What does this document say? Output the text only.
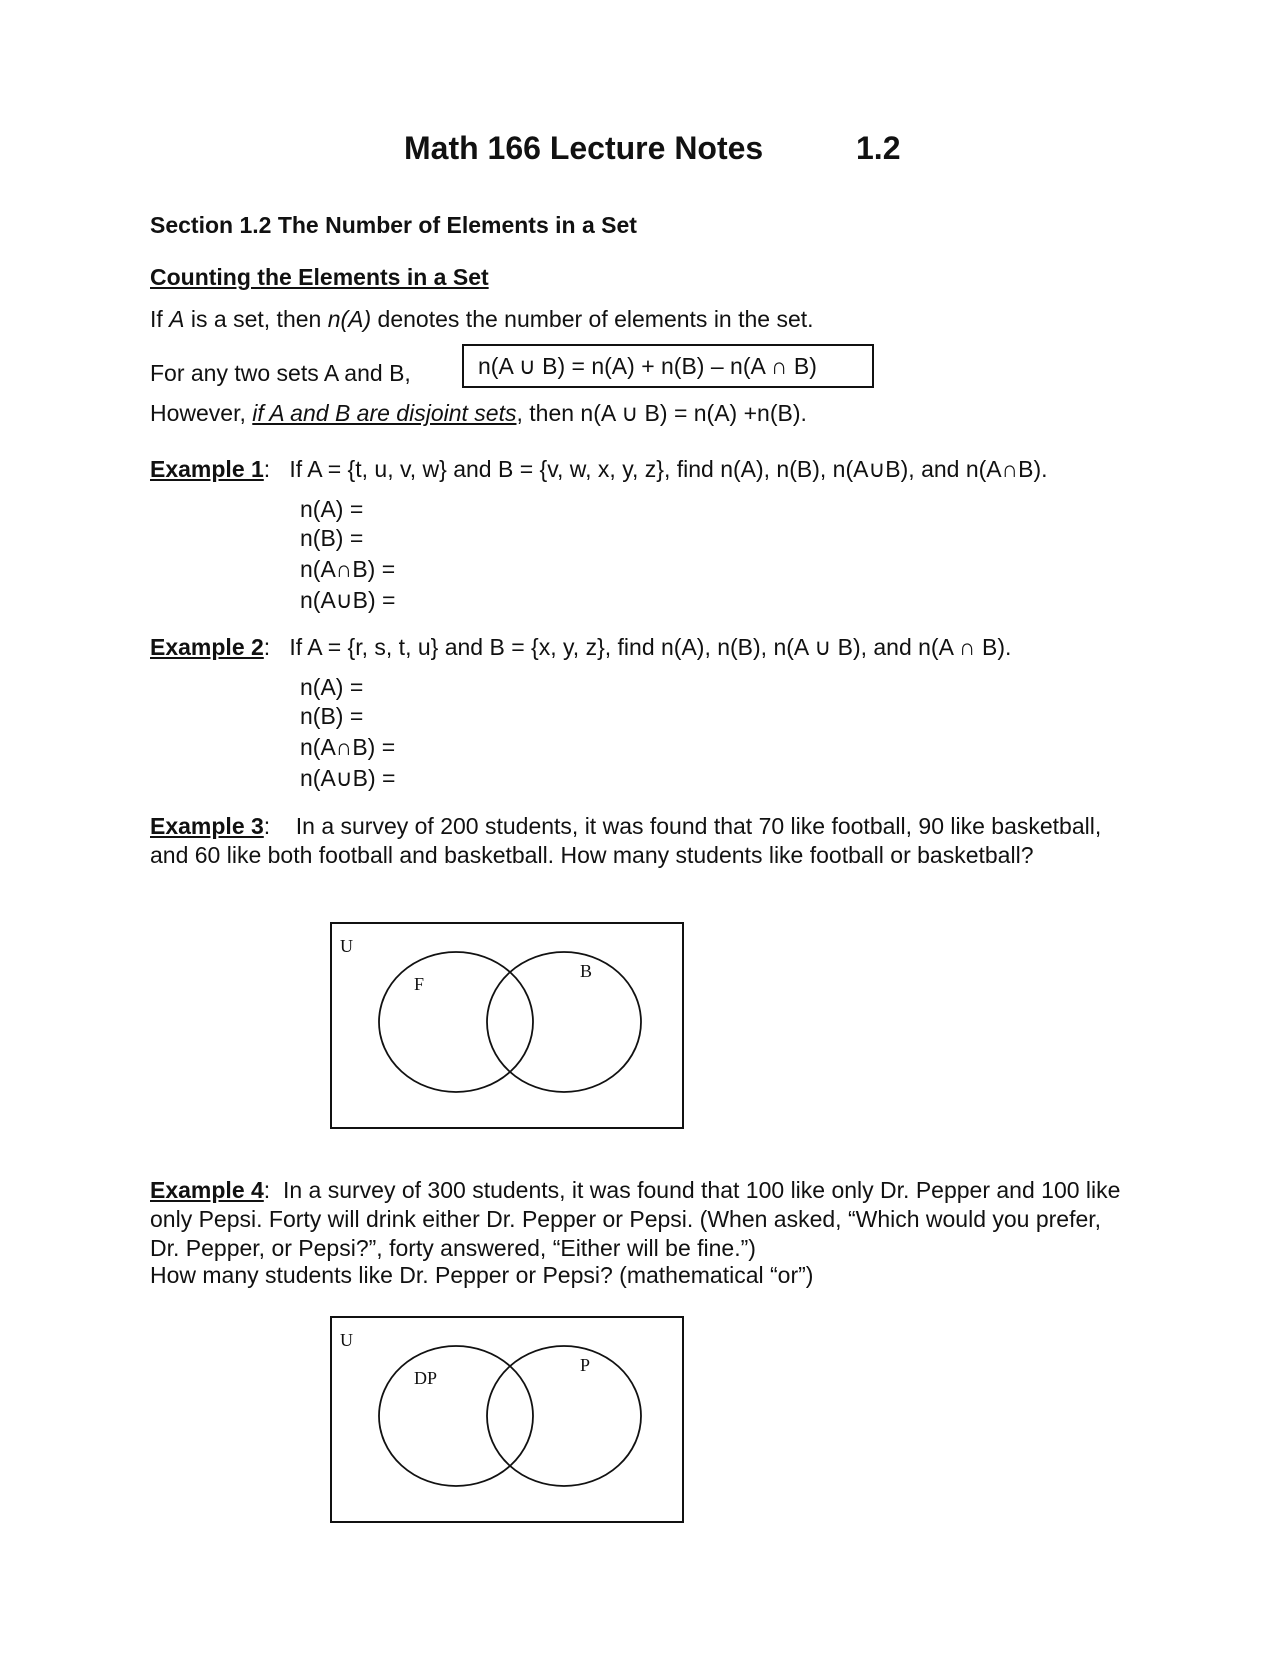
Math 166 Lecture Notes	1.2
Section 1.2 The Number of Elements in a Set
Counting the Elements in a Set
If A is a set, then n(A) denotes the number of elements in the set.
For any two sets A and B,	n(A ∪ B) = n(A) + n(B) – n(A ∩ B)
However, if A and B are disjoint sets, then n(A ∪ B) = n(A) +n(B).
Example 1: If A = {t, u, v, w} and B = {v, w, x, y, z}, find n(A), n(B), n(A∪B), and n(A∩B).
n(A) =
n(B) =
n(A∩B) =
n(A∪B) =
Example 2: If A = {r, s, t, u} and B = {x, y, z}, find n(A), n(B), n(A ∪ B), and n(A ∩ B).
n(A) =
n(B) =
n(A∩B) =
n(A∪B) =
Example 3: In a survey of 200 students, it was found that 70 like football, 90 like basketball, and 60 like both football and basketball. How many students like football or basketball?
U
F
B
Example 4: In a survey of 300 students, it was found that 100 like only Dr. Pepper and 100 like only Pepsi. Forty will drink either Dr. Pepper or Pepsi. (When asked, “Which would you prefer, Dr. Pepper, or Pepsi?”, forty answered, “Either will be fine.”)
How many students like Dr. Pepper or Pepsi? (mathematical “or”)
U
DP
P
